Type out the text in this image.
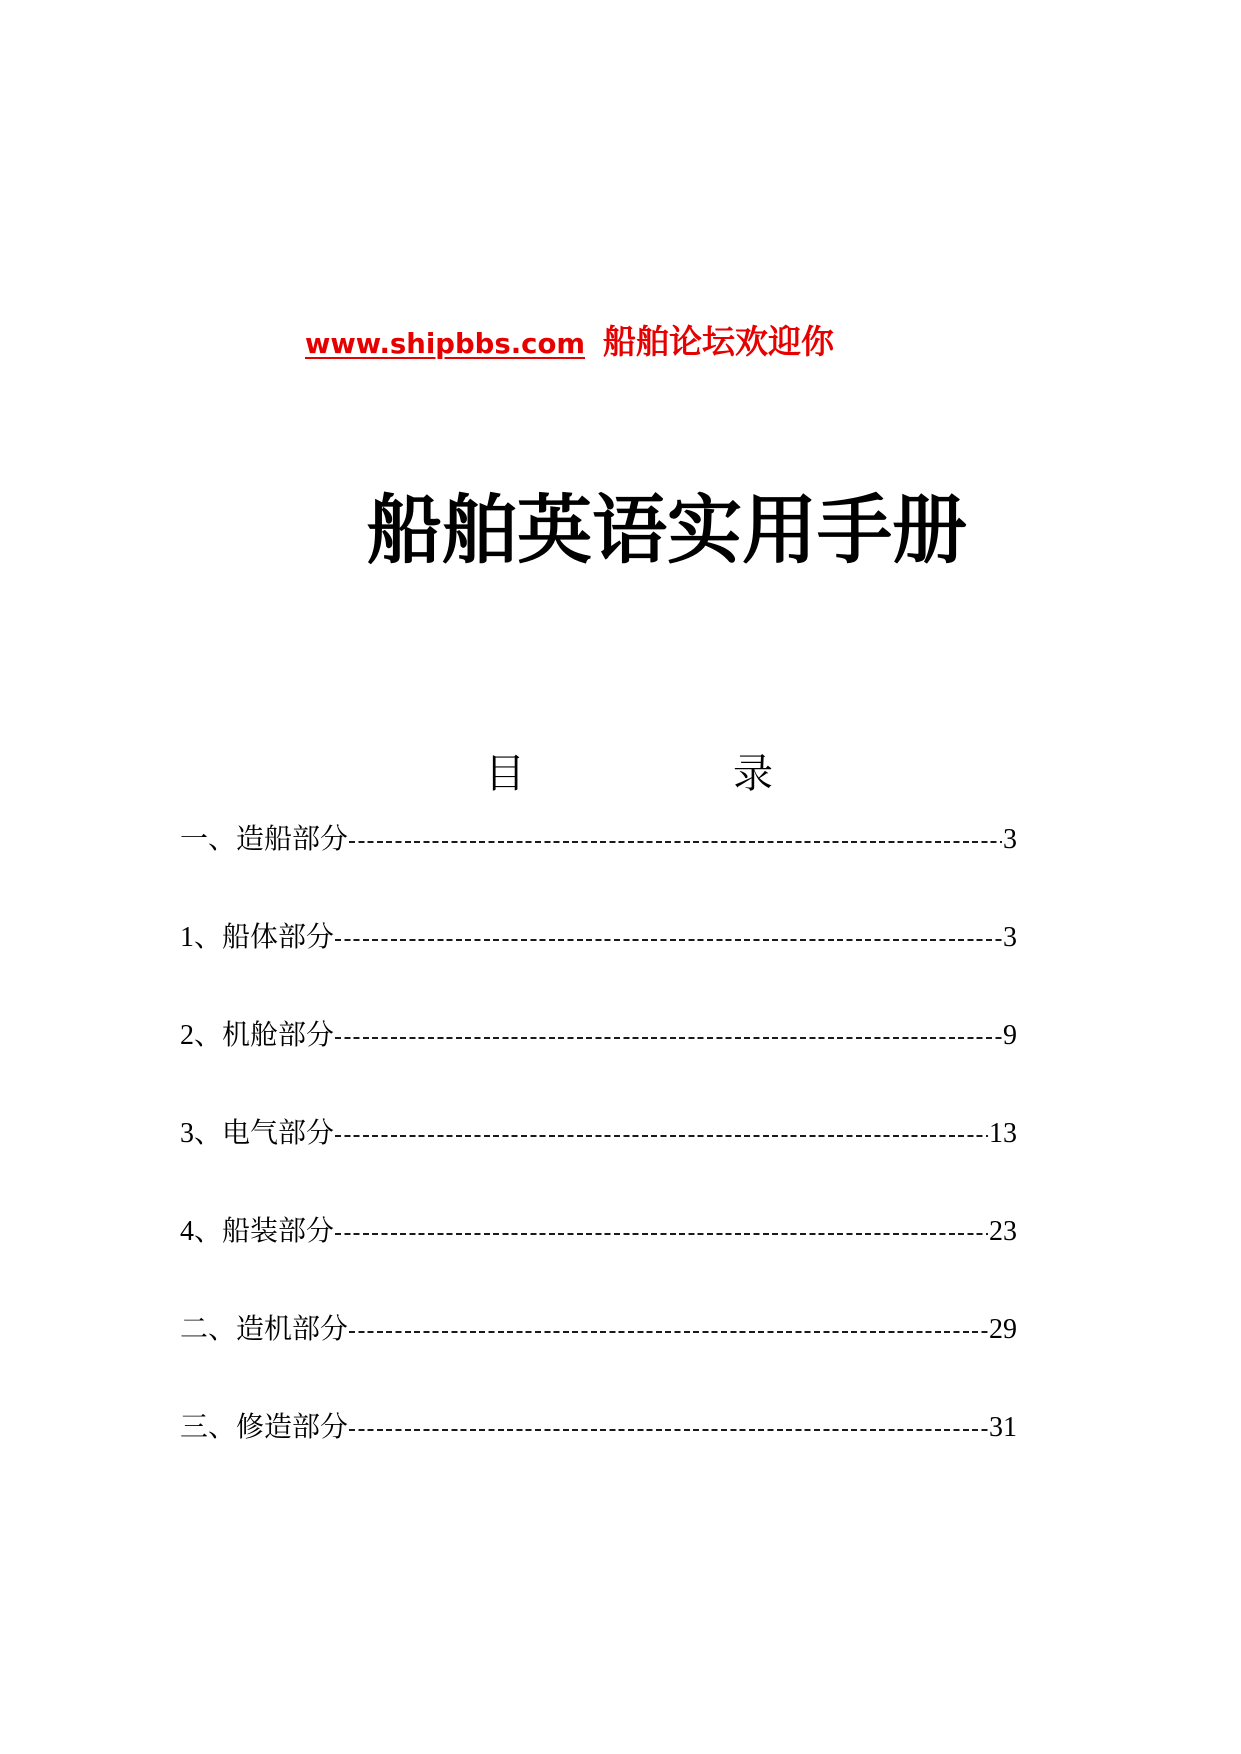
www.shipbbs.com 船舶论坛欢迎你
船舶英语实用手册
目录
一、造船部分	3
1、船体部分	3
2、机舱部分	9
3、电气部分	13
4、船装部分	23
二、造机部分	29
三、修造部分	31
